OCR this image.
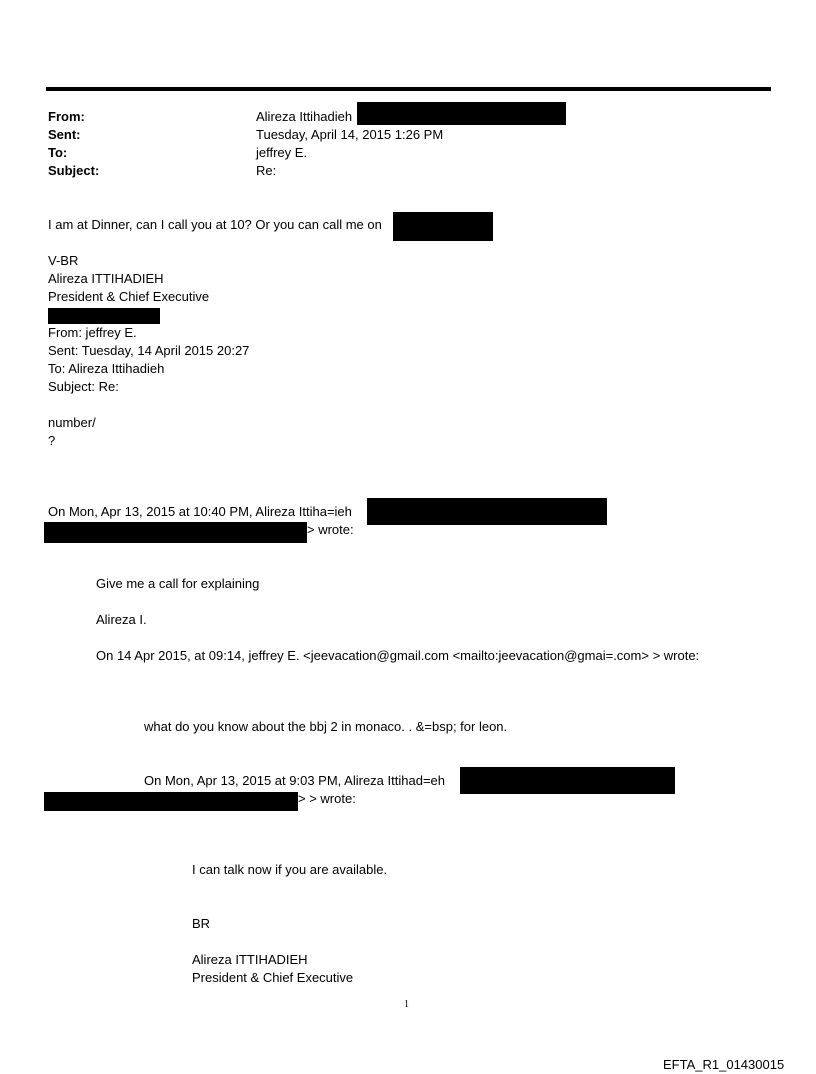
From:	Alireza Ittihadieh
Sent:	Tuesday, April 14, 2015 1:26 PM
To:	jeffrey E.
Subject:	Re:
I am at Dinner, can I call you at 10? Or you can call me on
V-BR
Alireza ITTIHADIEH
President & Chief Executive
From: jeffrey E.
Sent: Tuesday, 14 April 2015 20:27
To: Alireza Ittihadieh
Subject: Re:
number/
?
On Mon, Apr 13, 2015 at 10:40 PM, Alireza Ittiha=ieh
> wrote:
Give me a call for explaining
Alireza I.
On 14 Apr 2015, at 09:14, jeffrey E. <jeevacation@gmail.com <mailto:jeevacation@gmai=.com> > wrote:
what do you know about the bbj 2 in monaco. . &=bsp; for leon.
On Mon, Apr 13, 2015 at 9:03 PM, Alireza Ittihad=eh
> > wrote:
I can talk now if you are available.
BR
Alireza ITTIHADIEH
President & Chief Executive
1
EFTA_R1_01430015
